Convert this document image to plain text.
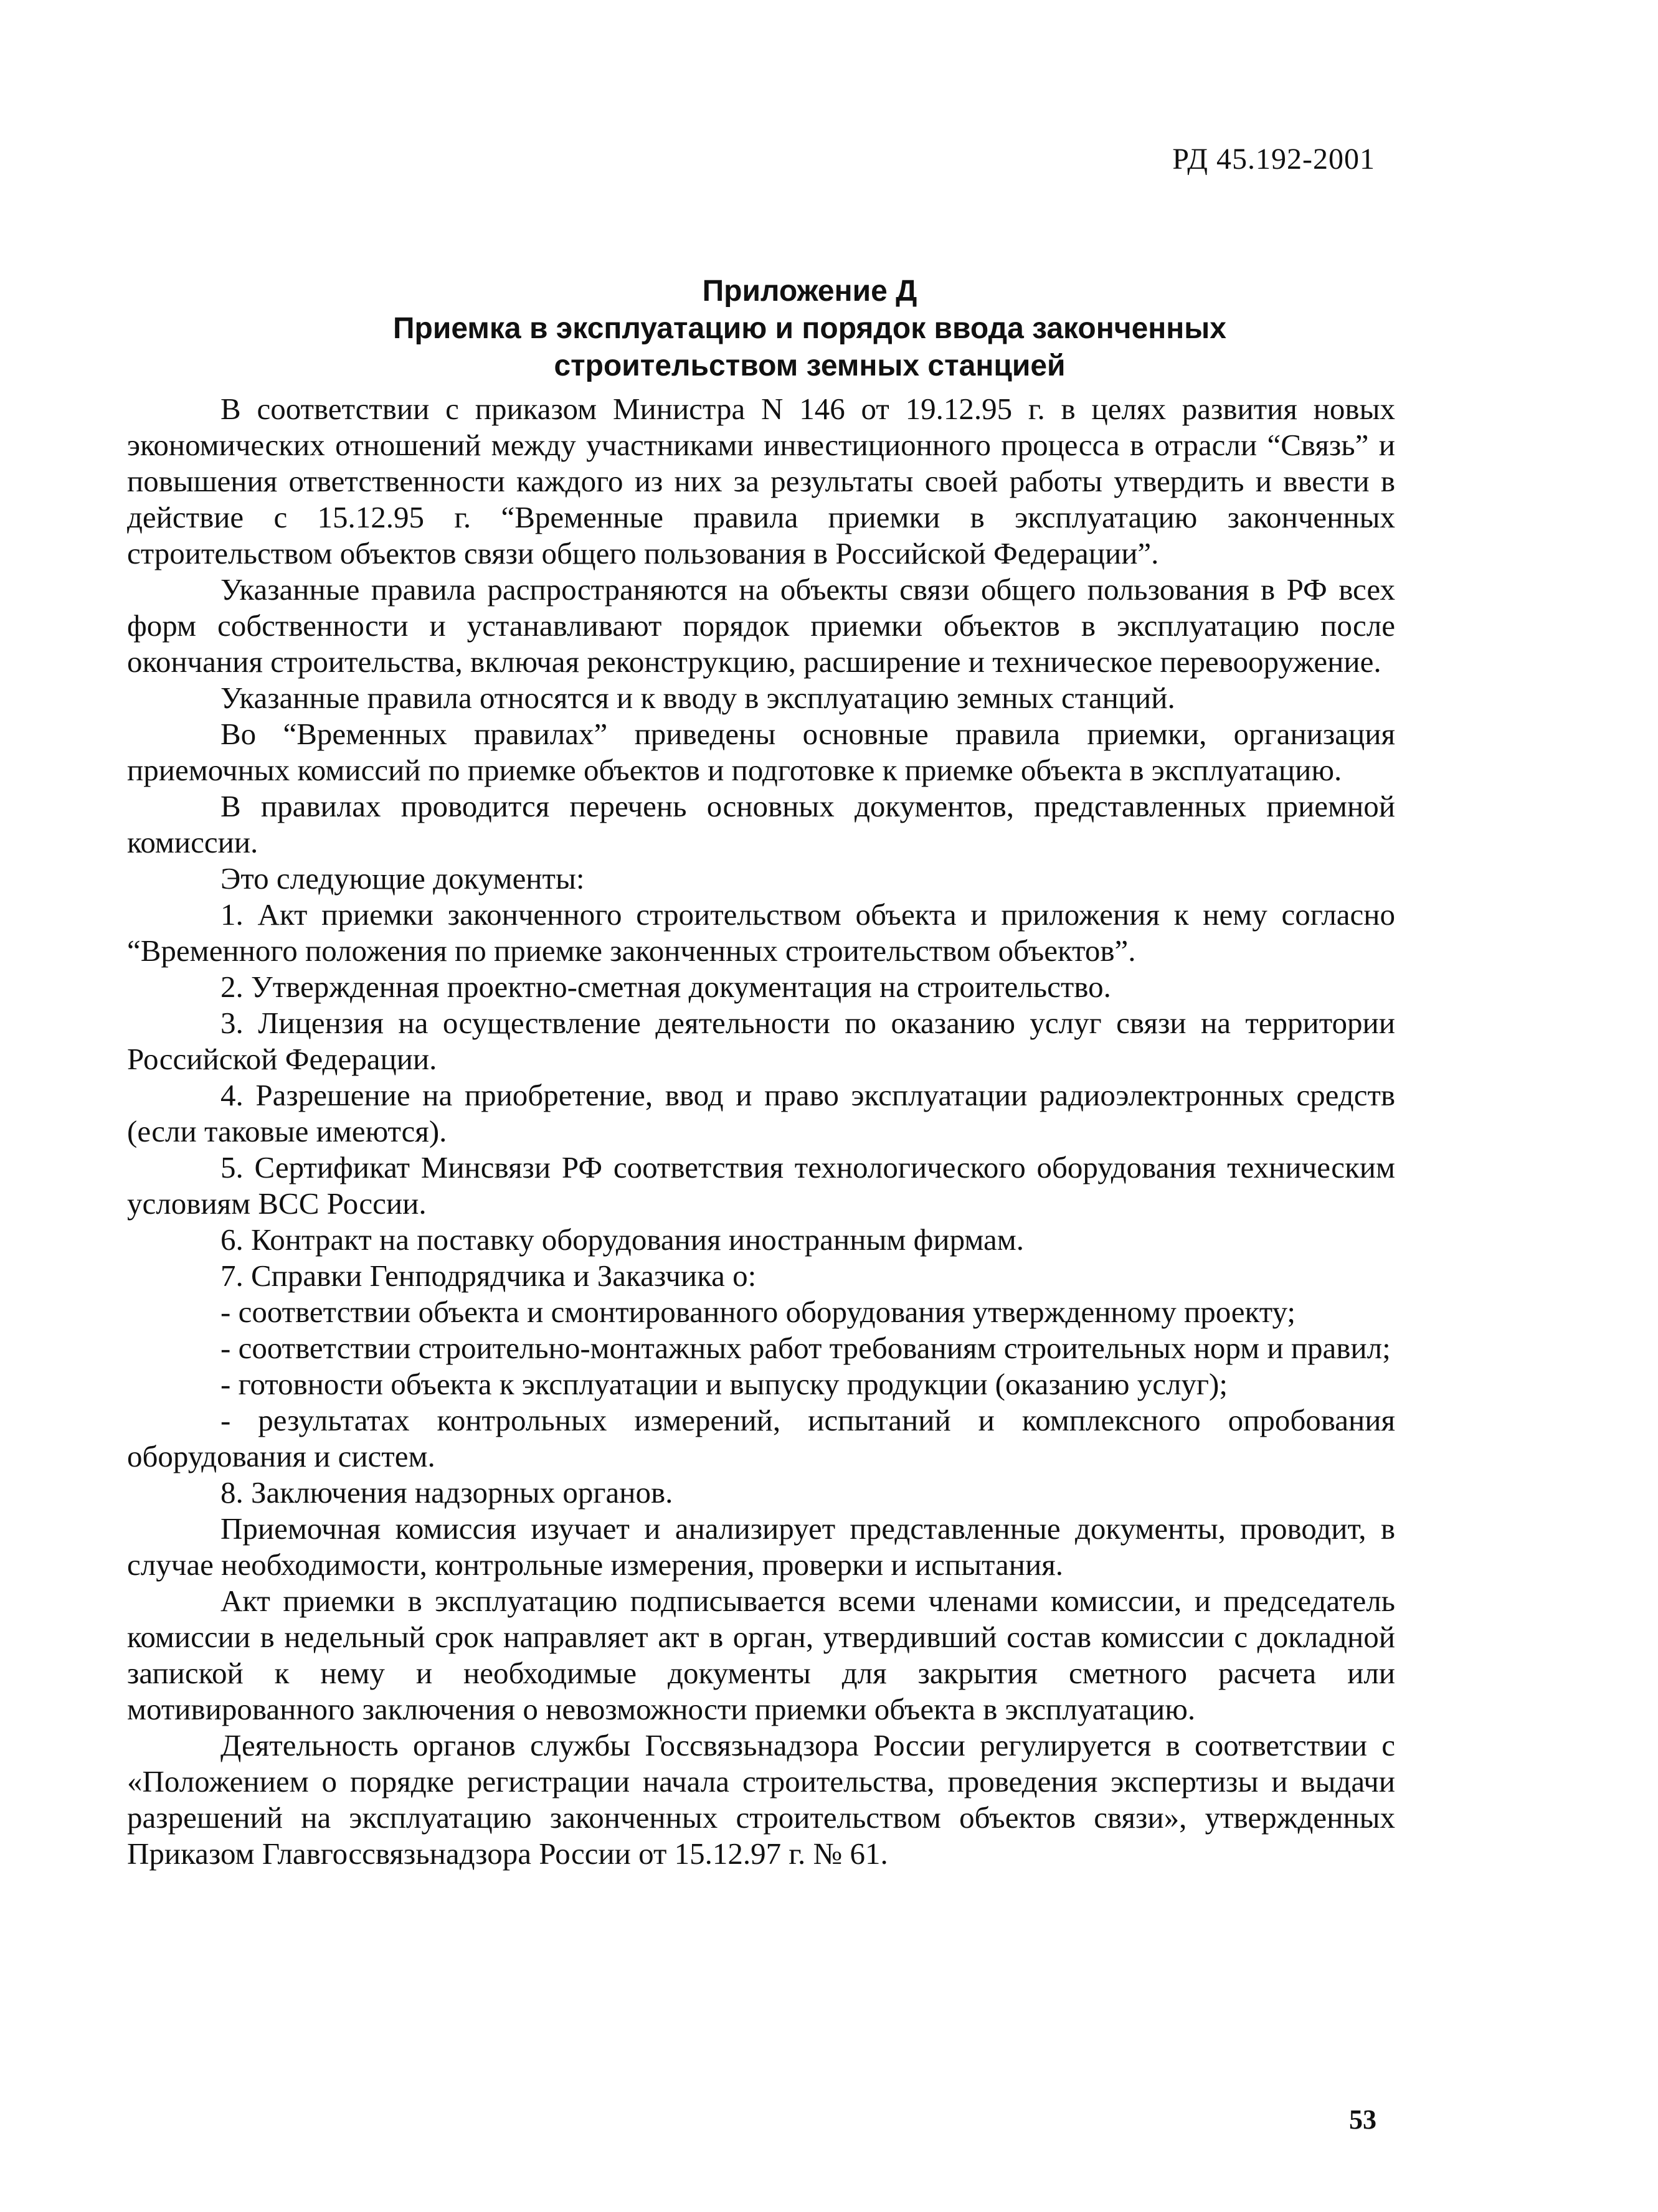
РД 45.192-2001
Приложение Д
Приемка в эксплуатацию и порядок ввода законченных
строительством земных станцией

В соответствии с приказом Министра N 146 от 19.12.95 г. в целях развития новых экономических отношений между участниками инвестиционного процесса в отрасли “Связь” и повышения ответственности каждого из них за результаты своей работы утвердить и ввести в действие с 15.12.95 г. “Временные правила приемки в эксплуатацию законченных строительством объектов связи общего пользования в Российской Федерации”.

Указанные правила распространяются на объекты связи общего пользования в РФ всех форм собственности и устанавливают порядок приемки объектов в эксплуатацию после окончания строительства, включая реконструкцию, расширение и техническое перевооружение.

Указанные правила относятся и к вводу в эксплуатацию земных станций.

Во “Временных правилах” приведены основные правила приемки, организация приемочных комиссий по приемке объектов и подготовке к приемке объекта в эксплуатацию.

В правилах проводится перечень основных документов, представленных приемной комиссии.

Это следующие документы:

1. Акт приемки законченного строительством объекта и приложения к нему согласно “Временного положения по приемке законченных строительством объектов”.

2. Утвержденная проектно-сметная документация на строительство.

3. Лицензия на осуществление деятельности по оказанию услуг связи на территории Российской Федерации.

4. Разрешение на приобретение, ввод и право эксплуатации радиоэлектронных средств (если таковые имеются).

5. Сертификат Минсвязи РФ соответствия технологического оборудования техническим условиям ВСС России.

6. Контракт на поставку оборудования иностранным фирмам.

7. Справки Генподрядчика и Заказчика о:

- соответствии объекта и смонтированного оборудования утвержденному проекту;

- соответствии строительно-монтажных работ требованиям строительных норм и правил;

- готовности объекта к эксплуатации и выпуску продукции (оказанию услуг);

- результатах контрольных измерений, испытаний и комплексного опробования оборудования и систем.

8. Заключения надзорных органов.

Приемочная комиссия изучает и анализирует представленные документы, проводит, в случае необходимости, контрольные измерения, проверки и испытания.

Акт приемки в эксплуатацию подписывается всеми членами комиссии, и председатель комиссии в недельный срок направляет акт в орган, утвердивший состав комиссии с докладной запиской к нему и необходимые документы для закрытия сметного расчета или мотивированного заключения о невозможности приемки объекта в эксплуатацию.

Деятельность органов службы Госсвязьнадзора России регулируется в соответствии с «Положением о порядке регистрации начала строительства, проведения экспертизы и выдачи разрешений на эксплуатацию законченных строительством объектов связи», утвержденных Приказом Главгоссвязьнадзора России от 15.12.97 г. № 61.

53
